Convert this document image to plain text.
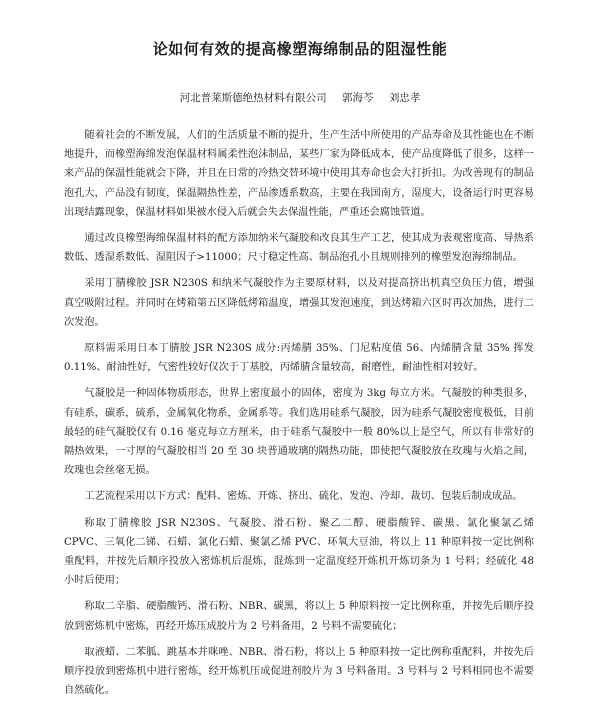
论如何有效的提高橡塑海绵制品的阻湿性能
河北普莱斯德绝热材料有限公司 郭海芩 刘忠孝

随着社会的不断发展，人们的生活质量不断的提升，生产生活中所使用的产品寿命及其性能也在不断地提升，而橡塑海绵发泡保温材料属柔性泡沫制品，某些厂家为降低成本，使产品度降低了很多，这样一来产品的保温性能就会下降，并且在日常的冷热交替环境中使用其寿命也会大打折扣。为改善现有的制品泡孔大，产品没有韧度，保温隔热性差，产品渗透系数高，主要在我国南方，湿度大，设备运行时更容易出现结露现象，保温材料如果被水侵入后就会失去保温性能，严重还会腐蚀管道。

通过改良橡塑海绵保温材料的配方添加纳米气凝胶和改良其生产工艺，使其成为表观密度高、导热系数低、透湿系数低、湿阻因子>11000；尺寸稳定性高、制品泡孔小且规则排列的橡塑发泡海绵制品。

采用丁腈橡胶 JSR N230S 和纳米气凝胶作为主要原材料，以及对提高挤出机真空负压力值，增强真空吸附过程。并同时在烤箱第五区降低烤箱温度，增强其发泡速度，到达烤箱六区时再次加热，进行二次发泡。

原料需采用日本丁腈胶 JSR N230S 成分:丙烯腈 35%、门尼粘度值 56、内烯腈含量 35% 挥发 0.11%、耐油性好，气密性较好仅次于丁基胶，丙烯腈含量较高，耐磨性，耐油性相对较好。

气凝胶是一种固体物质形态，世界上密度最小的固体，密度为 3kg 每立方米。气凝胶的种类很多，有硅系，碳系，硫系，金属氧化物系，金属系等。我们选用硅系气凝胶，因为硅系气凝胶密度极低，目前最轻的硅气凝胶仅有 0.16 毫克每立方厘米，由于硅系气凝胶中一般 80%以上是空气，所以有非常好的隔热效果，一寸厚的气凝胶相当 20 至 30 块普通玻璃的隔热功能，即使把气凝胶放在玫瑰与火焰之间，玫瑰也会丝毫无损。

工艺流程采用以下方式：配料、密炼、开炼、挤出、硫化、发泡、冷却、裁切、包装后制成成品。

称取丁腈橡胶 JSR N230S、气凝胶、滑石粉、聚乙二醇、硬脂酸锌、碳黑、氯化聚氯乙烯 CPVC、三氧化二锑、石蜡、氯化石蜡、聚氯乙烯 PVC、环氧大豆油，将以上 11 种原料按一定比例称重配料，并按先后顺序投放入密炼机后混炼，混炼到一定温度经开炼机开炼切条为 1 号料；经硫化 48 小时后使用；

称取二辛脂、硬脂酸钙、滑石粉、NBR、碳黑，将以上 5 种原料按一定比例称重，并按先后顺序投放到密炼机中密炼，再经开炼压成胶片为 2 号料备用，2 号料不需要硫化；

取液蜡、二苯胍、跳基本并咪唑、NBR、滑石粉，将以上 5 种原料按一定比例称重配料，并按先后顺序投放到密炼机中进行密炼，经开炼机压成促进剂胶片为 3 号料备用。3 号料与 2 号料相同也不需要自然硫化。
